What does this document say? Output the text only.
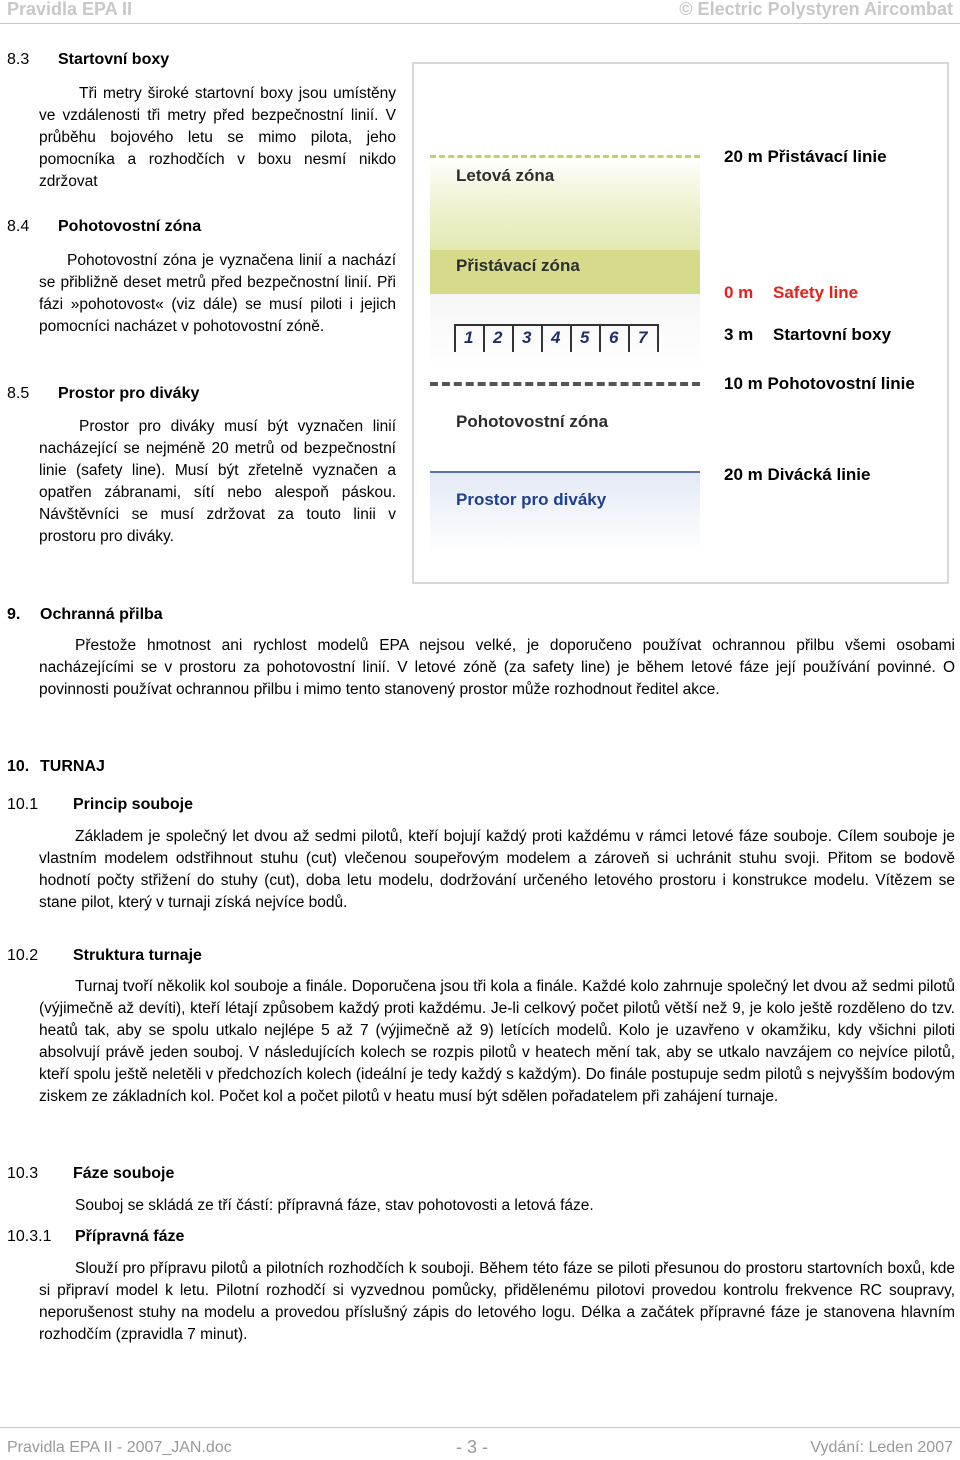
Pravidla EPA II	© Electric Polystyren Aircombat
8.3 Startovní boxy

Tři metry široké startovní boxy jsou umístěny ve vzdálenosti tři metry před bezpečnostní linií. V průběhu bojového letu se mimo pilota, jeho pomocníka a rozhodčích v boxu nesmí nikdo zdržovat

8.4 Pohotovostní zóna

Pohotovostní zóna je vyznačena linií a nachází se přibližně deset metrů před bezpečnostní linií. Při fázi »pohotovost« (viz dále) se musí piloti i jejich pomocníci nacházet v pohotovostní zóně.

8.5 Prostor pro diváky

Prostor pro diváky musí být vyznačen linií nacházející se nejméně 20 metrů od bezpečnostní linie (safety line). Musí být zřetelně vyznačen a opatřen zábranami, sítí nebo alespoň páskou. Návštěvníci se musí zdržovat za touto linii v prostoru pro diváky.

Letová zóna
Přistávací zóna
Pohotovostní zóna
Prostor pro diváky
1 2 3 4 5 6 7
20 m Přistávací linie
0 m Safety line
3 m Startovní boxy
10 m Pohotovostní linie
20 m Divácká linie
9. Ochranná přilba

Přestože hmotnost ani rychlost modelů EPA nejsou velké, je doporučeno používat ochrannou přilbu všemi osobami nacházejícími se v prostoru za pohotovostní linií. V letové zóně (za safety line) je během letové fáze její používání povinné. O povinnosti používat ochrannou přilbu i mimo tento stanovený prostor může rozhodnout ředitel akce.

10. TURNAJ
10.1 Princip souboje

Základem je společný let dvou až sedmi pilotů, kteří bojují každý proti každému v rámci letové fáze souboje. Cílem souboje je vlastním modelem odstřihnout stuhu (cut) vlečenou soupeřovým modelem a zároveň si uchránit stuhu svoji. Přitom se bodově hodnotí počty střižení do stuhy (cut), doba letu modelu, dodržování určeného letového prostoru i konstrukce modelu. Vítězem se stane pilot, který v turnaji získá nejvíce bodů.

10.2 Struktura turnaje

Turnaj tvoří několik kol souboje a finále. Doporučena jsou tři kola a finále. Každé kolo zahrnuje společný let dvou až sedmi pilotů (výjimečně až devíti), kteří létají způsobem každý proti každému. Je-li celkový počet pilotů větší než 9, je kolo ještě rozděleno do tzv. heatů tak, aby se spolu utkalo nejlépe 5 až 7 (výjimečně až 9) letících modelů. Kolo je uzavřeno v okamžiku, kdy všichni piloti absolvují právě jeden souboj. V následujících kolech se rozpis pilotů v heatech mění tak, aby se utkalo navzájem co nejvíce pilotů, kteří spolu ještě neletěli v předchozích kolech (ideální je tedy každý s každým). Do finále postupuje sedm pilotů s nejvyšším bodovým ziskem ze základních kol. Počet kol a počet pilotů v heatu musí být sdělen pořadatelem při zahájení turnaje.

10.3 Fáze souboje

Souboj se skládá ze tří částí: přípravná fáze, stav pohotovosti a letová fáze.

10.3.1 Přípravná fáze

Slouží pro přípravu pilotů a pilotních rozhodčích k souboji. Během této fáze se piloti přesunou do prostoru startovních boxů, kde si připraví model k letu. Pilotní rozhodčí si vyzvednou pomůcky, přidělenému pilotovi provedou kontrolu frekvence RC soupravy, neporušenost stuhy na modelu a provedou příslušný zápis do letového logu. Délka a začátek přípravné fáze je stanovena hlavním rozhodčím (zpravidla 7 minut).

Pravidla EPA II - 2007_JAN.doc	- 3 -	Vydání: Leden 2007
